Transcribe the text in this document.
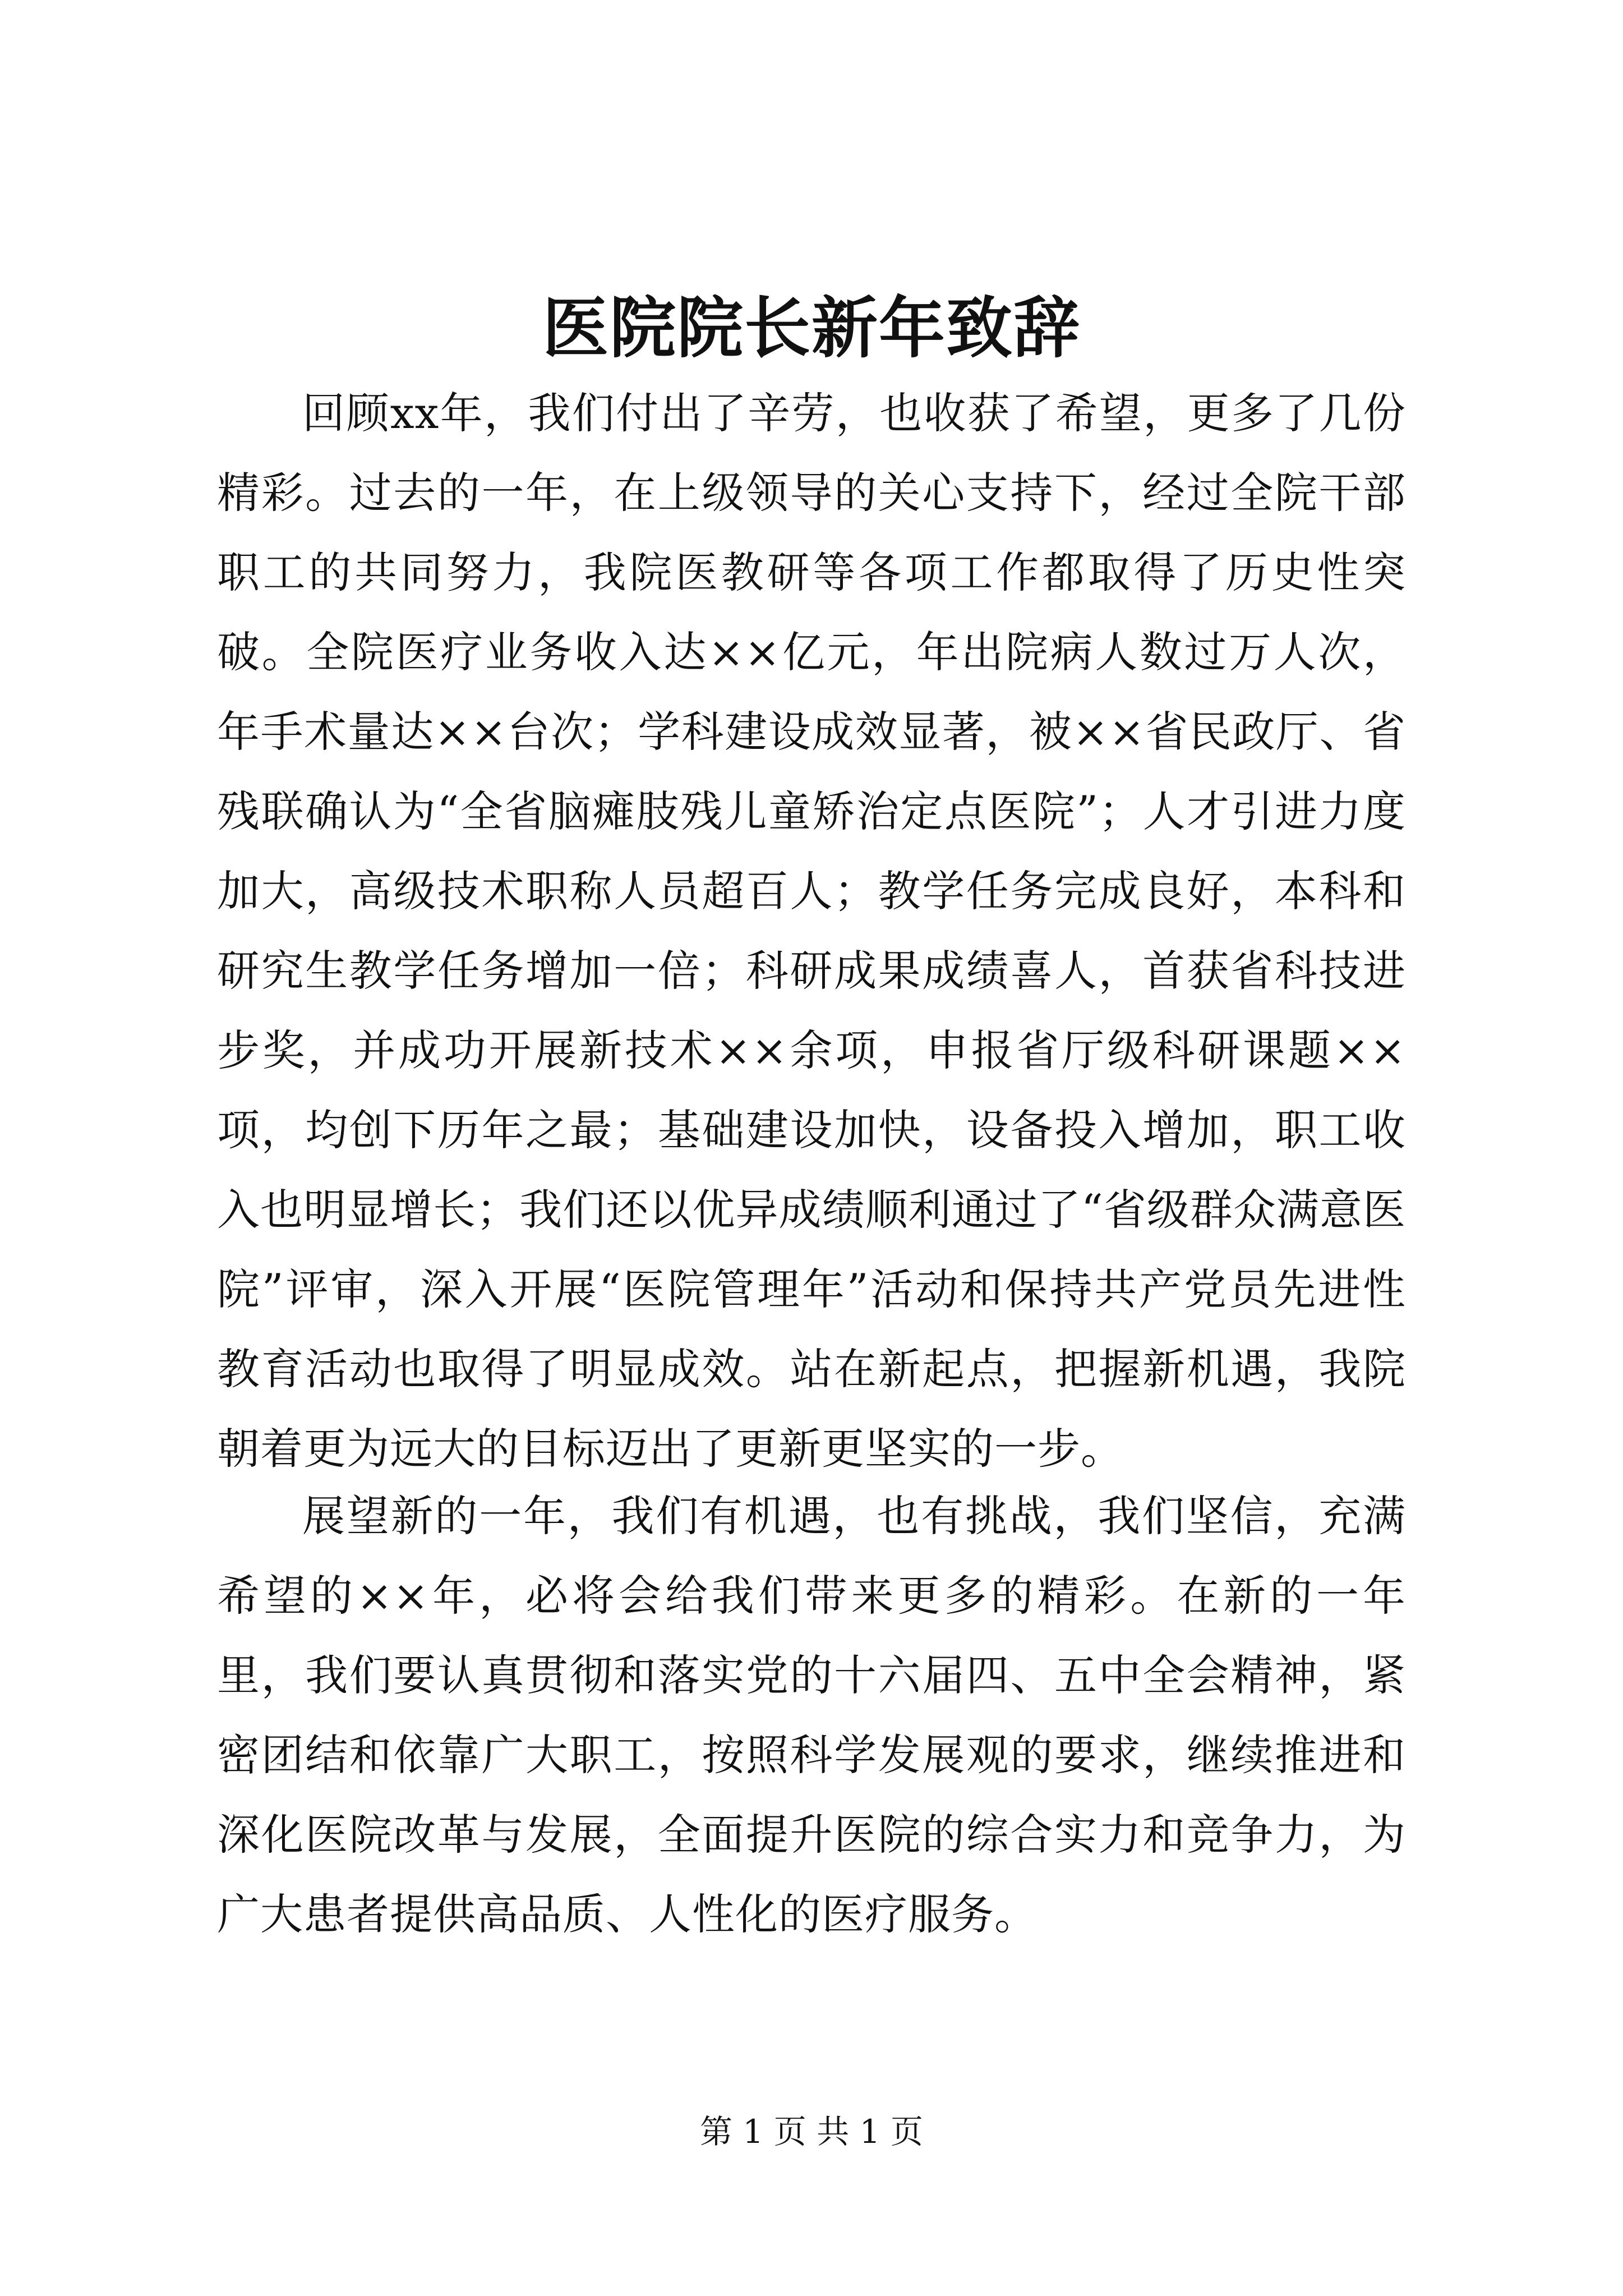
医院院长新年致辞

回顾xx年，我们付出了辛劳，也收获了希望，更多了几份精彩。过去的一年，在上级领导的关心支持下，经过全院干部职工的共同努力，我院医教研等各项工作都取得了历史性突破。全院医疗业务收入达××亿元，年出院病人数过万人次，年手术量达××台次；学科建设成效显著，被××省民政厅、省残联确认为“全省脑瘫肢残儿童矫治定点医院”；人才引进力度加大，高级技术职称人员超百人；教学任务完成良好，本科和研究生教学任务增加一倍；科研成果成绩喜人，首获省科技进步奖，并成功开展新技术××余项，申报省厅级科研课题××项，均创下历年之最；基础建设加快，设备投入增加，职工收入也明显增长；我们还以优异成绩顺利通过了“省级群众满意医院”评审，深入开展“医院管理年”活动和保持共产党员先进性教育活动也取得了明显成效。站在新起点，把握新机遇，我院朝着更为远大的目标迈出了更新更坚实的一步。

展望新的一年，我们有机遇，也有挑战，我们坚信，充满希望的××年，必将会给我们带来更多的精彩。在新的一年里，我们要认真贯彻和落实党的十六届四、五中全会精神，紧密团结和依靠广大职工，按照科学发展观的要求，继续推进和深化医院改革与发展，全面提升医院的综合实力和竞争力，为广大患者提供高品质、人性化的医疗服务。

第 1 页 共 1 页
